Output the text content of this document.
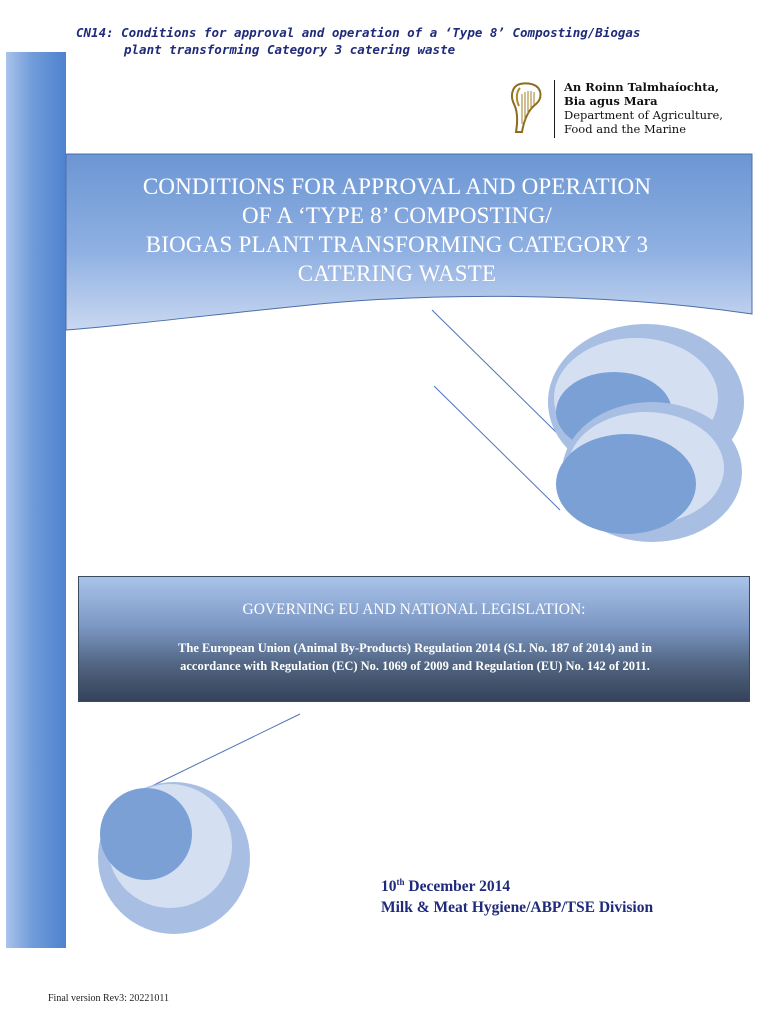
CN14: Conditions for approval and operation of a ‘Type 8’ Composting/Biogas
plant transforming Category 3 catering waste
An Roinn Talmhaíochta,
Bia agus Mara
Department of Agriculture,
Food and the Marine
CONDITIONS FOR APPROVAL AND OPERATION
OF A ‘TYPE 8’ COMPOSTING/
BIOGAS PLANT TRANSFORMING CATEGORY 3
CATERING WASTE
GOVERNING EU AND NATIONAL LEGISLATION:
The European Union (Animal By-Products) Regulation 2014 (S.I. No. 187 of 2014) and in
accordance with Regulation (EC) No. 1069 of 2009 and Regulation (EU) No. 142 of 2011.
10th December 2014
Milk & Meat Hygiene/ABP/TSE Division
Final version Rev3: 20221011
